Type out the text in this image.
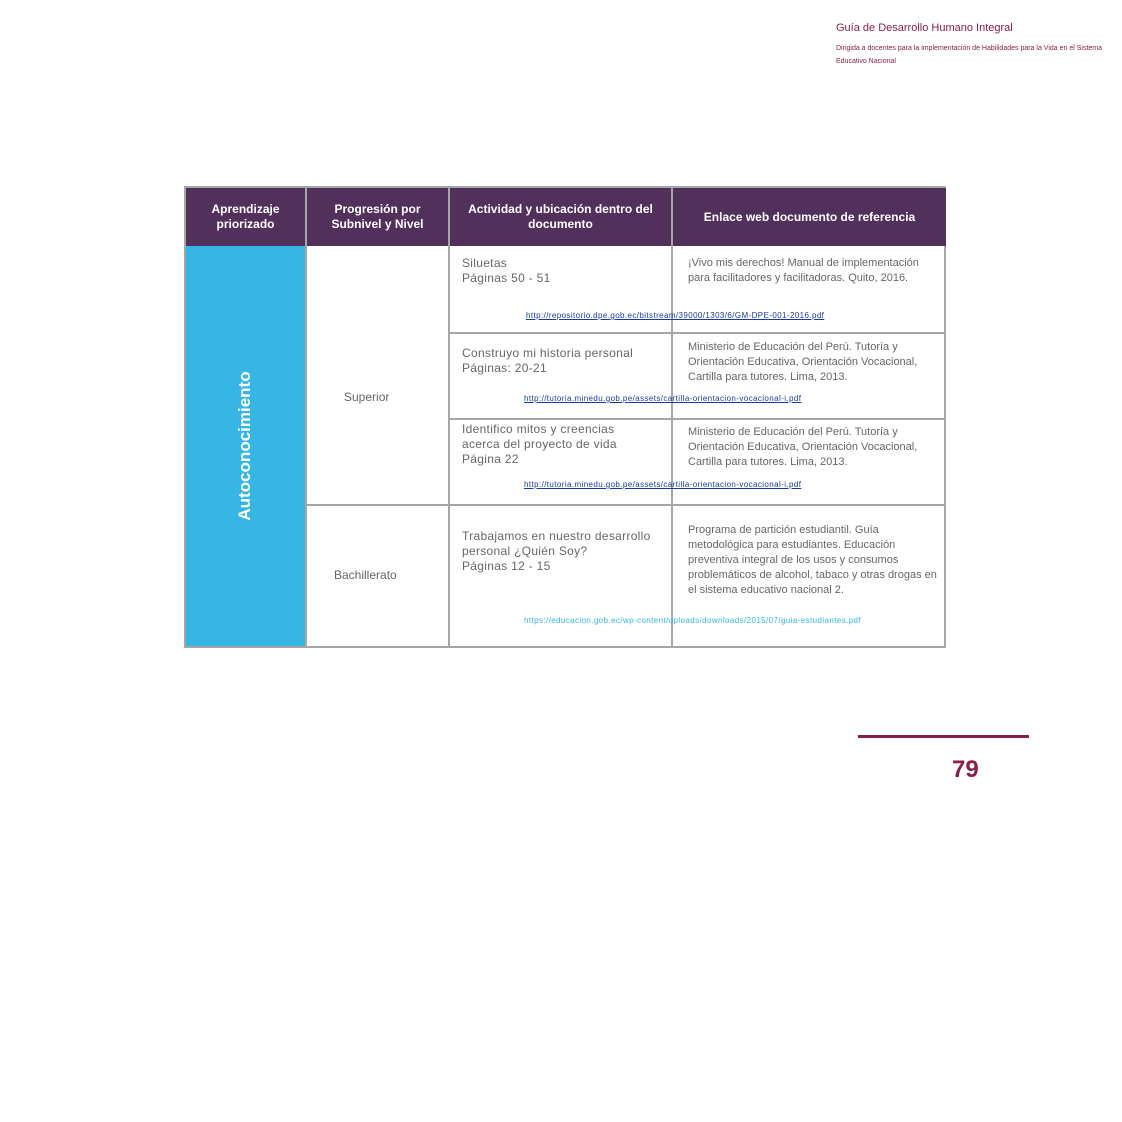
Guía de Desarrollo Humano Integral
Dirigida a docentes para la implementación de Habilidades para la Vida en el Sistema Educativo Nacional
Aprendizaje priorizado
Progresión por Subnivel y Nivel
Actividad y ubicación dentro del documento
Enlace web documento de referencia
Autoconocimiento	Superior
Bachillerato
Siluetas
Páginas 50 - 51
¡Vivo mis derechos! Manual de implementación para facilitadores y facilitadoras. Quito, 2016.
http://repositorio.dpe.gob.ec/bitstream/39000/1303/6/GM-DPE-001-2016.pdf
Construyo mi historia personal
Páginas: 20-21
Ministerio de Educación del Perú. Tutoría y Orientación Educativa, Orientación Vocacional, Cartilla para tutores. Lima, 2013.
http://tutoria.minedu.gob.pe/assets/cartilla-orientacion-vocacional-i.pdf
Identifico mitos y creencias acerca del proyecto de vida
Página 22
Ministerio de Educación del Perú. Tutoría y Orientación Educativa, Orientación Vocacional, Cartilla para tutores. Lima, 2013.
http://tutoria.minedu.gob.pe/assets/cartilla-orientacion-vocacional-i.pdf
Trabajamos en nuestro desarrollo personal ¿Quién Soy?
Páginas 12 - 15
Programa de partición estudiantil. Guía metodológica para estudiantes. Educación preventiva integral de los usos y consumos problemáticos de alcohol, tabaco y otras drogas en el sistema educativo nacional 2.
https://educacion.gob.ec/wp-content/uploads/downloads/2015/07/guia-estudiantes.pdf
79
